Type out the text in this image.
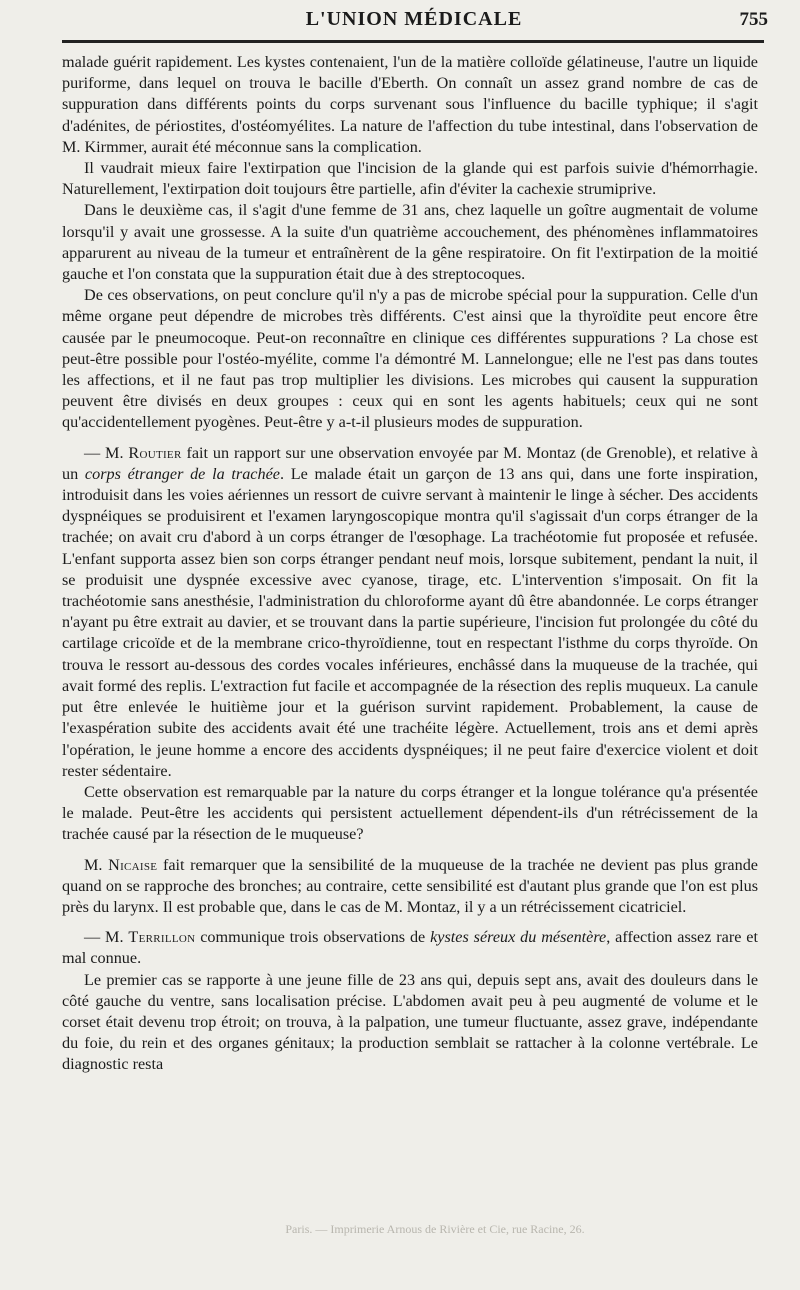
L'UNION MÉDICALE	755

malade guérit rapidement. Les kystes contenaient, l'un de la matière colloïde gélatineuse, l'autre un liquide puriforme, dans lequel on trouva le bacille d'Eberth. On connaît un assez grand nombre de cas de suppuration dans différents points du corps survenant sous l'influence du bacille typhique; il s'agit d'adénites, de périostites, d'ostéomyélites. La nature de l'affection du tube intestinal, dans l'observation de M. Kirmmer, aurait été méconnue sans la complication.

Il vaudrait mieux faire l'extirpation que l'incision de la glande qui est parfois suivie d'hémorrhagie. Naturellement, l'extirpation doit toujours être partielle, afin d'éviter la cachexie strumiprive.

Dans le deuxième cas, il s'agit d'une femme de 31 ans, chez laquelle un goître augmentait de volume lorsqu'il y avait une grossesse. A la suite d'un quatrième accouchement, des phénomènes inflammatoires apparurent au niveau de la tumeur et entraînèrent de la gêne respiratoire. On fit l'extirpation de la moitié gauche et l'on constata que la suppuration était due à des streptocoques.

De ces observations, on peut conclure qu'il n'y a pas de microbe spécial pour la suppuration. Celle d'un même organe peut dépendre de microbes très différents. C'est ainsi que la thyroïdite peut encore être causée par le pneumocoque. Peut-on reconnaître en clinique ces différentes suppurations ? La chose est peut-être possible pour l'ostéo-myélite, comme l'a démontré M. Lannelongue; elle ne l'est pas dans toutes les affections, et il ne faut pas trop multiplier les divisions. Les microbes qui causent la suppuration peuvent être divisés en deux groupes : ceux qui en sont les agents habituels; ceux qui ne sont qu'accidentellement pyogènes. Peut-être y a-t-il plusieurs modes de suppuration.

— M. Routier fait un rapport sur une observation envoyée par M. Montaz (de Grenoble), et relative à un corps étranger de la trachée. Le malade était un garçon de 13 ans qui, dans une forte inspiration, introduisit dans les voies aériennes un ressort de cuivre servant à maintenir le linge à sécher. Des accidents dyspnéiques se produisirent et l'examen laryngoscopique montra qu'il s'agissait d'un corps étranger de la trachée; on avait cru d'abord à un corps étranger de l'œsophage. La trachéotomie fut proposée et refusée. L'enfant supporta assez bien son corps étranger pendant neuf mois, lorsque subitement, pendant la nuit, il se produisit une dyspnée excessive avec cyanose, tirage, etc. L'intervention s'imposait. On fit la trachéotomie sans anesthésie, l'administration du chloroforme ayant dû être abandonnée. Le corps étranger n'ayant pu être extrait au davier, et se trouvant dans la partie supérieure, l'incision fut prolongée du côté du cartilage cricoïde et de la membrane crico-thyroïdienne, tout en respectant l'isthme du corps thyroïde. On trouva le ressort au-dessous des cordes vocales inférieures, enchâssé dans la muqueuse de la trachée, qui avait formé des replis. L'extraction fut facile et accompagnée de la résection des replis muqueux. La canule put être enlevée le huitième jour et la guérison survint rapidement. Probablement, la cause de l'exaspération subite des accidents avait été une trachéite légère. Actuellement, trois ans et demi après l'opération, le jeune homme a encore des accidents dyspnéiques; il ne peut faire d'exercice violent et doit rester sédentaire.

Cette observation est remarquable par la nature du corps étranger et la longue tolérance qu'a présentée le malade. Peut-être les accidents qui persistent actuellement dépendent-ils d'un rétrécissement de la trachée causé par la résection de le muqueuse?

M. Nicaise fait remarquer que la sensibilité de la muqueuse de la trachée ne devient pas plus grande quand on se rapproche des bronches; au contraire, cette sensibilité est d'autant plus grande que l'on est plus près du larynx. Il est probable que, dans le cas de M. Montaz, il y a un rétrécissement cicatriciel.

— M. Terrillon communique trois observations de kystes séreux du mésentère, affection assez rare et mal connue.

Le premier cas se rapporte à une jeune fille de 23 ans qui, depuis sept ans, avait des douleurs dans le côté gauche du ventre, sans localisation précise. L'abdomen avait peu à peu augmenté de volume et le corset était devenu trop étroit; on trouva, à la palpation, une tumeur fluctuante, assez grave, indépendante du foie, du rein et des organes génitaux; la production semblait se rattacher à la colonne vertébrale. Le diagnostic resta

Paris. — Imprimerie Arnous de Rivière et Cie, rue Racine, 26.
